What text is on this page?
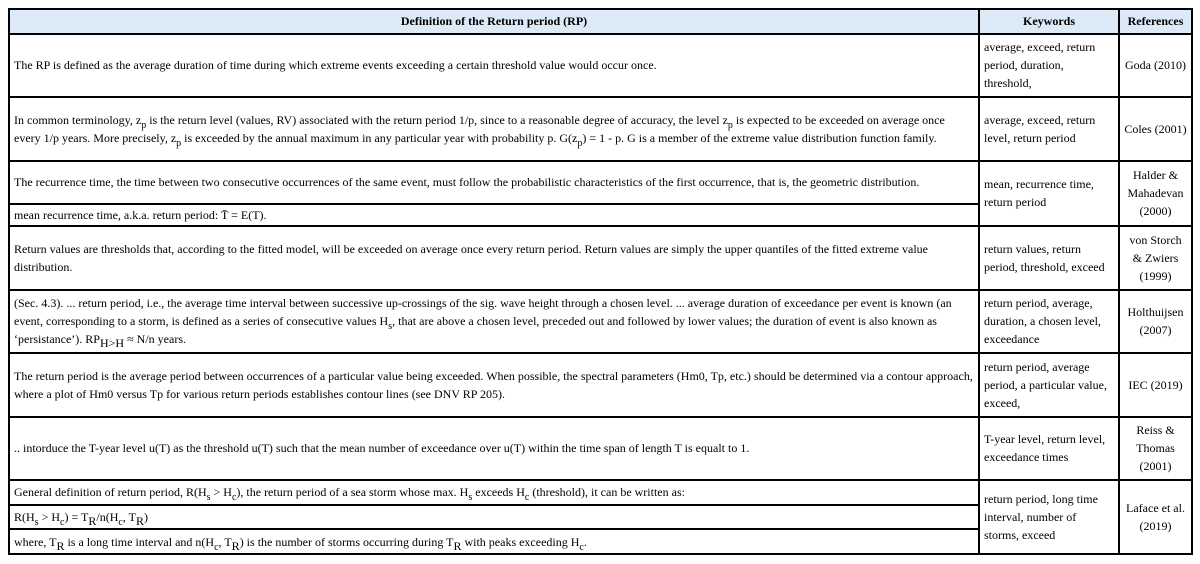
Definition of the Return period (RP)	Keywords	References
The RP is defined as the average duration of time during which extreme events exceeding a certain threshold value would occur once.	average, exceed, return period, duration, threshold,	Goda (2010)
In common terminology, $z_p$ is the return level (values, RV) associated with the return period 1/p, since to a reasonable degree of accuracy, the level $z_p$ is expected to be exceeded on average once every 1/p years. More precisely, $z_p$ is exceeded by the annual maximum in any particular year with probability p. $G(z_p) = 1 - p$. G is a member of the extreme value distribution function family.	average, exceed, return level, return period	Coles (2001)
The recurrence time, the time between two consecutive occurrences of the same event, must follow the probabilistic characteristics of the first occurrence, that is, the geometric distribution.	mean, recurrence time, return period	Halder & Mahadevan (2000)
mean recurrence time, a.k.a. return period: T̄ = E(T).		
Return values are thresholds that, according to the fitted model, will be exceeded on average once every return period. Return values are simply the upper quantiles of the fitted extreme value distribution.	return values, return period, threshold, exceed	von Storch & Zwiers (1999)
(Sec. 4.3). ... return period, i.e., the average time interval between successive up-crossings of the sig. wave height through a chosen level. ... average duration of exceedance per event is known (an event, corresponding to a storm, is defined as a series of consecutive values $H_s$, that are above a chosen level, preceded out and followed by lower values; the duration of event is also known as ‘persistance’). $RP_{H>H} \approx N/n$ years.	return period, average, duration, a chosen level, exceedance	Holthuijsen (2007)
The return period is the average period between occurrences of a particular value being exceeded. When possible, the spectral parameters (Hm0, Tp, etc.) should be determined via a contour approach, where a plot of Hm0 versus Tp for various return periods establishes contour lines (see DNV RP 205).	return period, average period, a particular value, exceed,	IEC (2019)
.. intorduce the T-year level u(T) as the threshold u(T) such that the mean number of exceedance over u(T) within the time span of length T is equalt to 1.	T-year level, return level, exceedance times	Reiss & Thomas (2001)
General definition of return period, $R(H_s > H_c)$, the return period of a sea storm whose max. $H_s$ exceeds $H_c$ (threshold), it can be written as:	return period, long time interval, number of storms, exceed	Laface et al. (2019)
$R(H_s > H_c) = T_R/n(H_c$, $T_R$)		
where, $T_R$ is a long time interval and $n(H_c$, $T_R$) is the number of storms occurring during $T_R$ with peaks exceeding $H_c$.		
